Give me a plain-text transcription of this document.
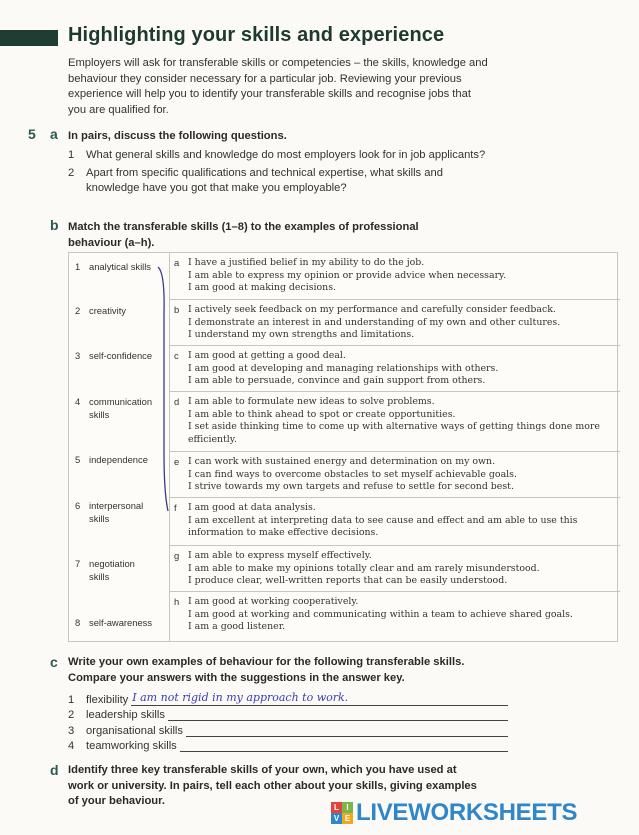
Highlighting your skills and experience
Employers will ask for transferable skills or competencies – the skills, knowledge and behaviour they consider necessary for a particular job. Reviewing your previous experience will help you to identify your transferable skills and recognise jobs that you are qualified for.
5 a In pairs, discuss the following questions.
1	What general skills and knowledge do most employers look for in job applicants?
2	Apart from specific qualifications and technical expertise, what skills and knowledge have you got that make you employable?
b Match the transferable skills (1–8) to the examples of professional behaviour (a–h).
1 analytical skills
2 creativity
3 self-confidence
4 communication skills
5 independence
6 interpersonal skills
7 negotiation skills
8 self-awareness
a I have a justified belief in my ability to do the job.
I am able to express my opinion or provide advice when necessary.
I am good at making decisions.
b I actively seek feedback on my performance and carefully consider feedback.
I demonstrate an interest in and understanding of my own and other cultures.
I understand my own strengths and limitations.
c I am good at getting a good deal.
I am good at developing and managing relationships with others.
I am able to persuade, convince and gain support from others.
d I am able to formulate new ideas to solve problems.
I am able to think ahead to spot or create opportunities.
I set aside thinking time to come up with alternative ways of getting things done more efficiently.
e I can work with sustained energy and determination on my own.
I can find ways to overcome obstacles to set myself achievable goals.
I strive towards my own targets and refuse to settle for second best.
f	I am good at data analysis.
I am excellent at interpreting data to see cause and effect and am able to use this information to make effective decisions.
g I am able to express myself effectively.
I am able to make my opinions totally clear and am rarely misunderstood.
I produce clear, well-written reports that can be easily understood.
h I am good at working cooperatively.
I am good at working and communicating within a team to achieve shared goals.
I am a good listener.
c Write your own examples of behaviour for the following transferable skills. Compare your answers with the suggestions in the answer key.
1	flexibility I am not rigid in my approach to work.
2	leadership skills
3	organisational skills
4	teamworking skills
d Identify three key transferable skills of your own, which you have used at work or university. In pairs, tell each other about your skills, giving examples of your behaviour.
L I
V E LIVEWORKSHEETS
